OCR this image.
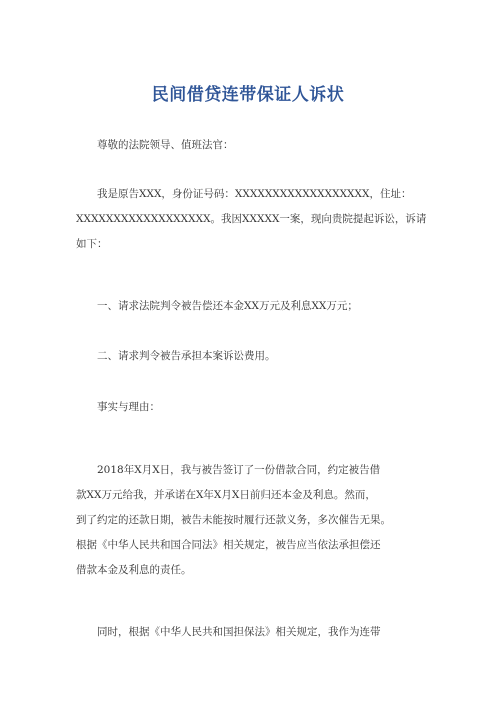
民间借贷连带保证人诉状
尊敬的法院领导、值班法官：
我是原告XXX，身份证号码：XXXXXXXXXXXXXXXXXX，住址：
XXXXXXXXXXXXXXXXXX。我因XXXXX一案，现向贵院提起诉讼，诉请
如下：
一、请求法院判令被告偿还本金XX万元及利息XX万元；
二、请求判令被告承担本案诉讼费用。
事实与理由：
2018年X月X日，我与被告签订了一份借款合同，约定被告借
款XX万元给我，并承诺在X年X月X日前归还本金及利息。然而，
到了约定的还款日期，被告未能按时履行还款义务，多次催告无果。
根据《中华人民共和国合同法》相关规定，被告应当依法承担偿还
借款本金及利息的责任。
同时，根据《中华人民共和国担保法》相关规定，我作为连带
